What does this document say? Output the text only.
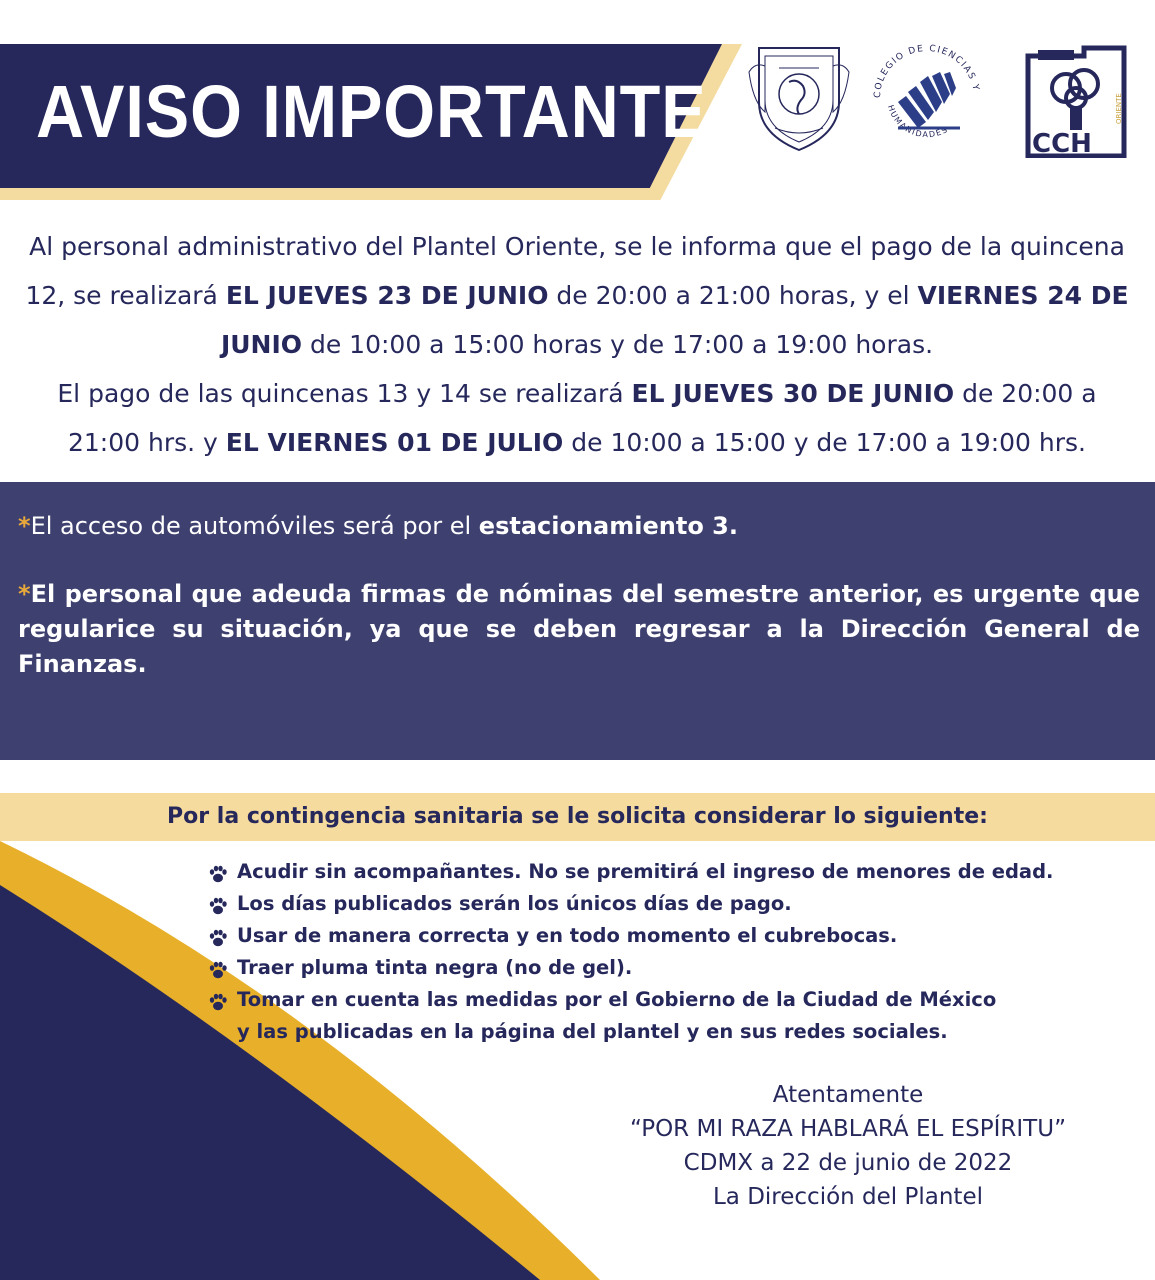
AVISO IMPORTANTE	COLEGIO DE CIENCIAS Y
HUMANIDADES	CCH
ORIENTE
Al personal administrativo del Plantel Oriente, se le informa que el pago de la quincena 12, se realizará EL JUEVES 23 DE JUNIO de 20:00 a 21:00 horas, y el VIERNES 24 DE JUNIO de 10:00 a 15:00 horas y de 17:00 a 19:00 horas.
El pago de las quincenas 13 y 14 se realizará EL JUEVES 30 DE JUNIO de 20:00 a 21:00 hrs. y EL VIERNES 01 DE JULIO de 10:00 a 15:00 y de 17:00 a 19:00 hrs.
*El acceso de automóviles será por el estacionamiento 3.
*El personal que adeuda firmas de nóminas del semestre anterior, es urgente que regularice su situación, ya que se deben regresar a la Dirección General de Finanzas.
Por la contingencia sanitaria se le solicita considerar lo siguiente:
Acudir sin acompañantes. No se premitirá el ingreso de menores de edad.
Los días publicados serán los únicos días de pago.
Usar de manera correcta y en todo momento el cubrebocas.
Traer pluma tinta negra (no de gel).
Tomar en cuenta las medidas por el Gobierno de la Ciudad de México
y las publicadas en la página del plantel y en sus redes sociales.
Atentamente
“POR MI RAZA HABLARÁ EL ESPÍRITU”
CDMX a 22 de junio de 2022
La Dirección del Plantel
